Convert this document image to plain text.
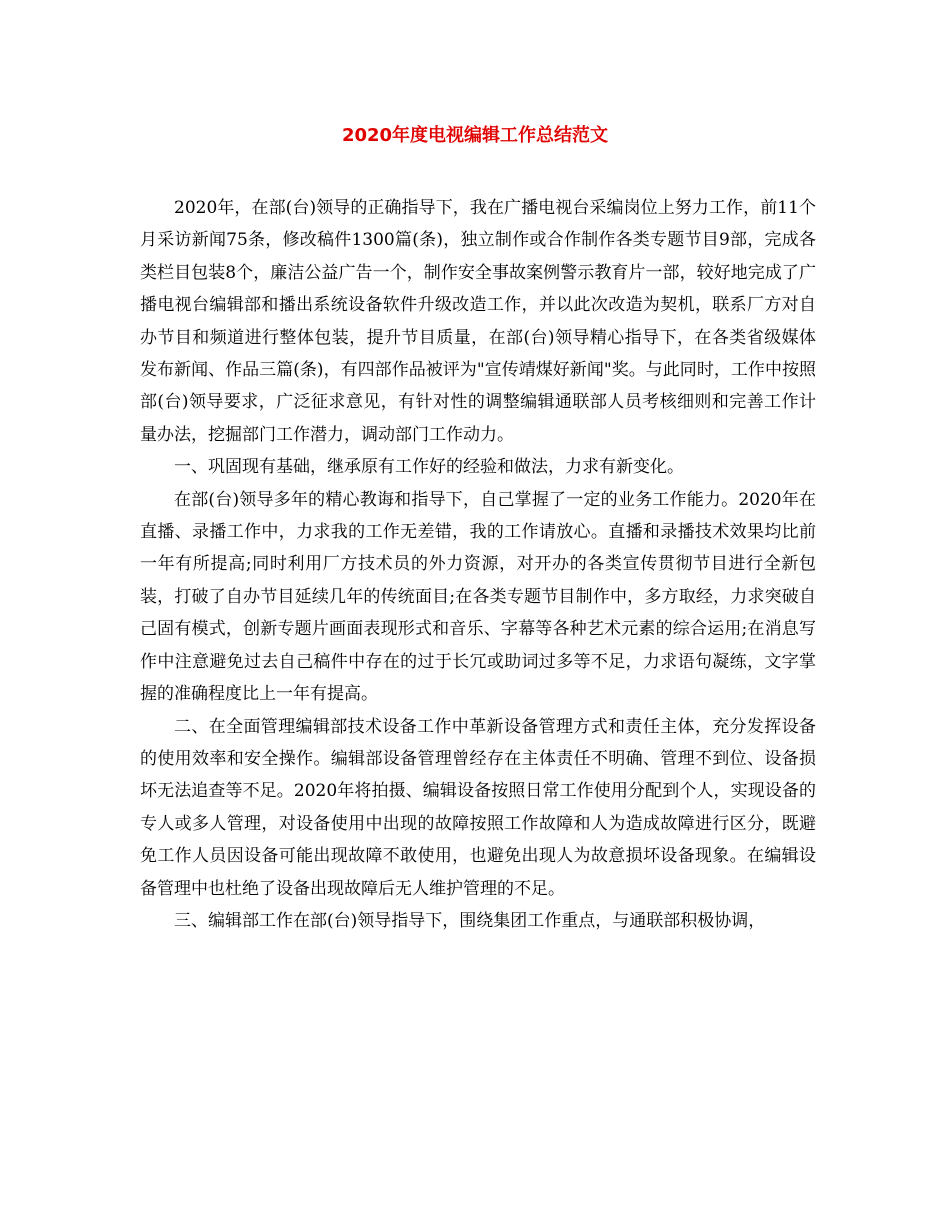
2020年度电视编辑工作总结范文

2020年，在部(台)领导的正确指导下，我在广播电视台采编岗位上努力工作，前11个月采访新闻75条，修改稿件1300篇(条)，独立制作或合作制作各类专题节目9部，完成各类栏目包装8个，廉洁公益广告一个，制作安全事故案例警示教育片一部，较好地完成了广播电视台编辑部和播出系统设备软件升级改造工作，并以此次改造为契机，联系厂方对自办节目和频道进行整体包装，提升节目质量，在部(台)领导精心指导下，在各类省级媒体发布新闻、作品三篇(条)，有四部作品被评为"宣传靖煤好新闻"奖。与此同时，工作中按照部(台)领导要求，广泛征求意见，有针对性的调整编辑通联部人员考核细则和完善工作计量办法，挖掘部门工作潜力，调动部门工作动力。

一、巩固现有基础，继承原有工作好的经验和做法，力求有新变化。

在部(台)领导多年的精心教诲和指导下，自己掌握了一定的业务工作能力。2020年在直播、录播工作中，力求我的工作无差错，我的工作请放心。直播和录播技术效果均比前一年有所提高;同时利用厂方技术员的外力资源，对开办的各类宣传贯彻节目进行全新包装，打破了自办节目延续几年的传统面目;在各类专题节目制作中，多方取经，力求突破自己固有模式，创新专题片画面表现形式和音乐、字幕等各种艺术元素的综合运用;在消息写作中注意避免过去自己稿件中存在的过于长冗或助词过多等不足，力求语句凝练，文字掌握的准确程度比上一年有提高。

二、在全面管理编辑部技术设备工作中革新设备管理方式和责任主体，充分发挥设备的使用效率和安全操作。编辑部设备管理曾经存在主体责任不明确、管理不到位、设备损坏无法追查等不足。2020年将拍摄、编辑设备按照日常工作使用分配到个人，实现设备的专人或多人管理，对设备使用中出现的故障按照工作故障和人为造成故障进行区分，既避免工作人员因设备可能出现故障不敢使用，也避免出现人为故意损坏设备现象。在编辑设备管理中也杜绝了设备出现故障后无人维护管理的不足。

三、编辑部工作在部(台)领导指导下，围绕集团工作重点，与通联部积极协调，
